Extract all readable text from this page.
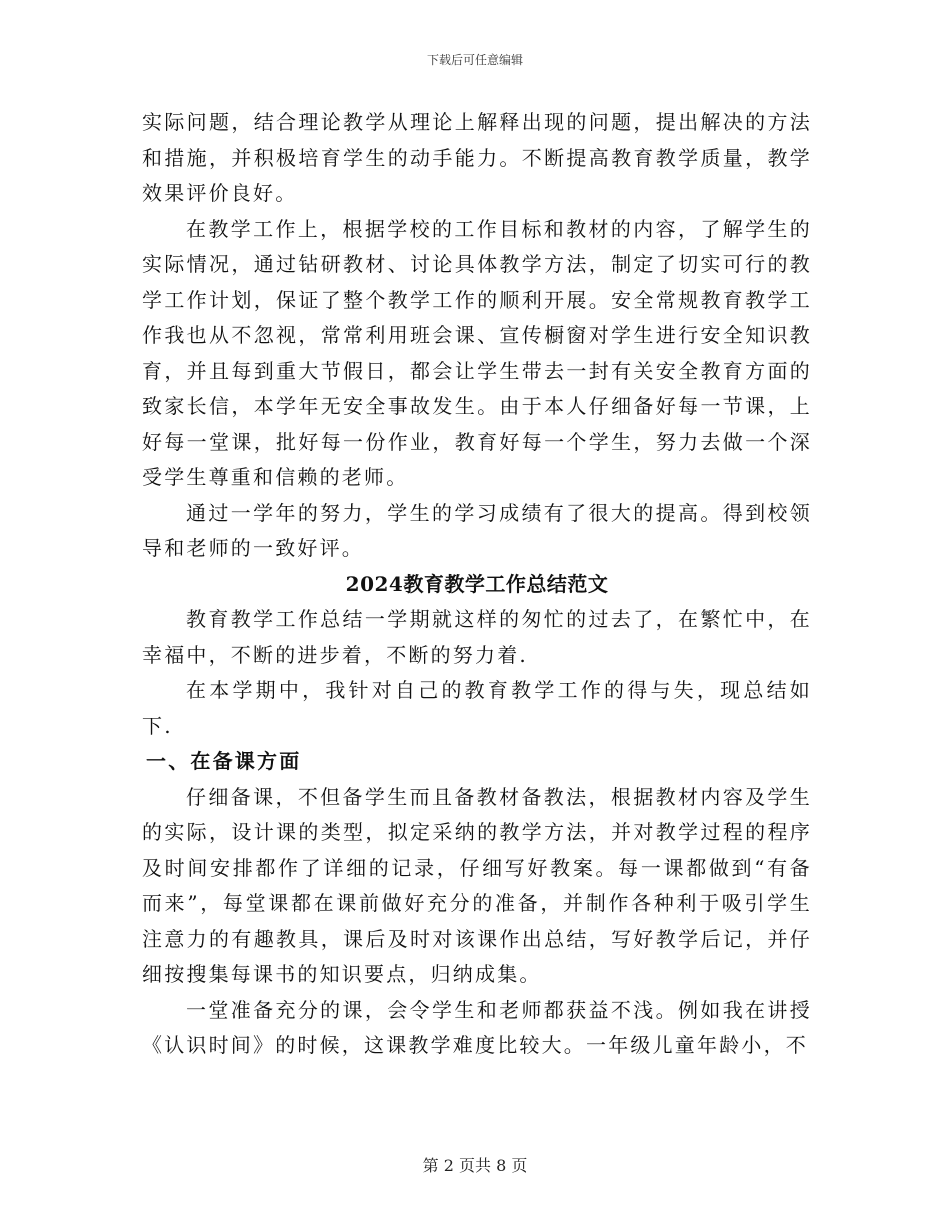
下载后可任意编辑

实际问题，结合理论教学从理论上解释出现的问题，提出解决的方法和措施，并积极培育学生的动手能力。不断提高教育教学质量，教学效果评价良好。

在教学工作上，根据学校的工作目标和教材的内容，了解学生的实际情况，通过钻研教材、讨论具体教学方法，制定了切实可行的教学工作计划，保证了整个教学工作的顺利开展。安全常规教育教学工作我也从不忽视，常常利用班会课、宣传橱窗对学生进行安全知识教育，并且每到重大节假日，都会让学生带去一封有关安全教育方面的致家长信，本学年无安全事故发生。由于本人仔细备好每一节课，上好每一堂课，批好每一份作业，教育好每一个学生，努力去做一个深受学生尊重和信赖的老师。

通过一学年的努力，学生的学习成绩有了很大的提高。得到校领导和老师的一致好评。

2024教育教学工作总结范文

教育教学工作总结一学期就这样的匆忙的过去了，在繁忙中，在幸福中，不断的进步着，不断的努力着.

在本学期中，我针对自己的教育教学工作的得与失，现总结如下.

一、在备课方面

仔细备课，不但备学生而且备教材备教法，根据教材内容及学生的实际，设计课的类型，拟定采纳的教学方法，并对教学过程的程序及时间安排都作了详细的记录，仔细写好教案。每一课都做到“有备而来”，每堂课都在课前做好充分的准备，并制作各种利于吸引学生注意力的有趣教具，课后及时对该课作出总结，写好教学后记，并仔细按搜集每课书的知识要点，归纳成集。

一堂准备充分的课，会令学生和老师都获益不浅。例如我在讲授《认识时间》的时候，这课教学难度比较大。一年级儿童年龄小，不

第 2 页共 8 页
